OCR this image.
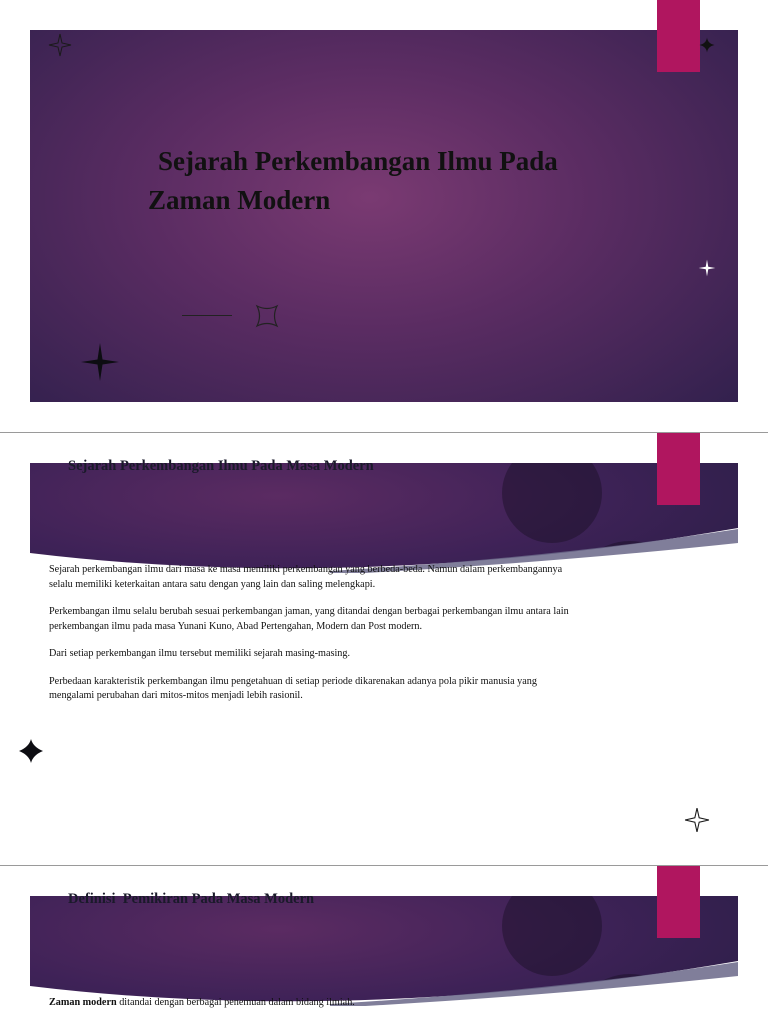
Sejarah Perkembangan Ilmu Pada
Zaman Modern
Sejarah Perkembangan Ilmu Pada Masa Modern

Sejarah perkembangan ilmu dari masa ke masa memiliki perkembangan yang berbeda-beda. Namun dalam perkembangannya selalu memiliki keterkaitan antara satu dengan yang lain dan saling melengkapi.

Perkembangan ilmu selalu berubah sesuai perkembangan jaman, yang ditandai dengan berbagai perkembangan ilmu antara lain perkembangan ilmu pada masa Yunani Kuno, Abad Pertengahan, Modern dan Post modern.

Dari setiap perkembangan ilmu tersebut memiliki sejarah masing-masing.

Perbedaan karakteristik perkembangan ilmu pengetahuan di setiap periode dikarenakan adanya pola pikir manusia yang mengalami perubahan dari mitos-mitos menjadi lebih rasionil.

Definisi  Pemikiran Pada Masa Modern

Zaman modern ditandai dengan berbagai penemuan dalam bidang ilmiah.
